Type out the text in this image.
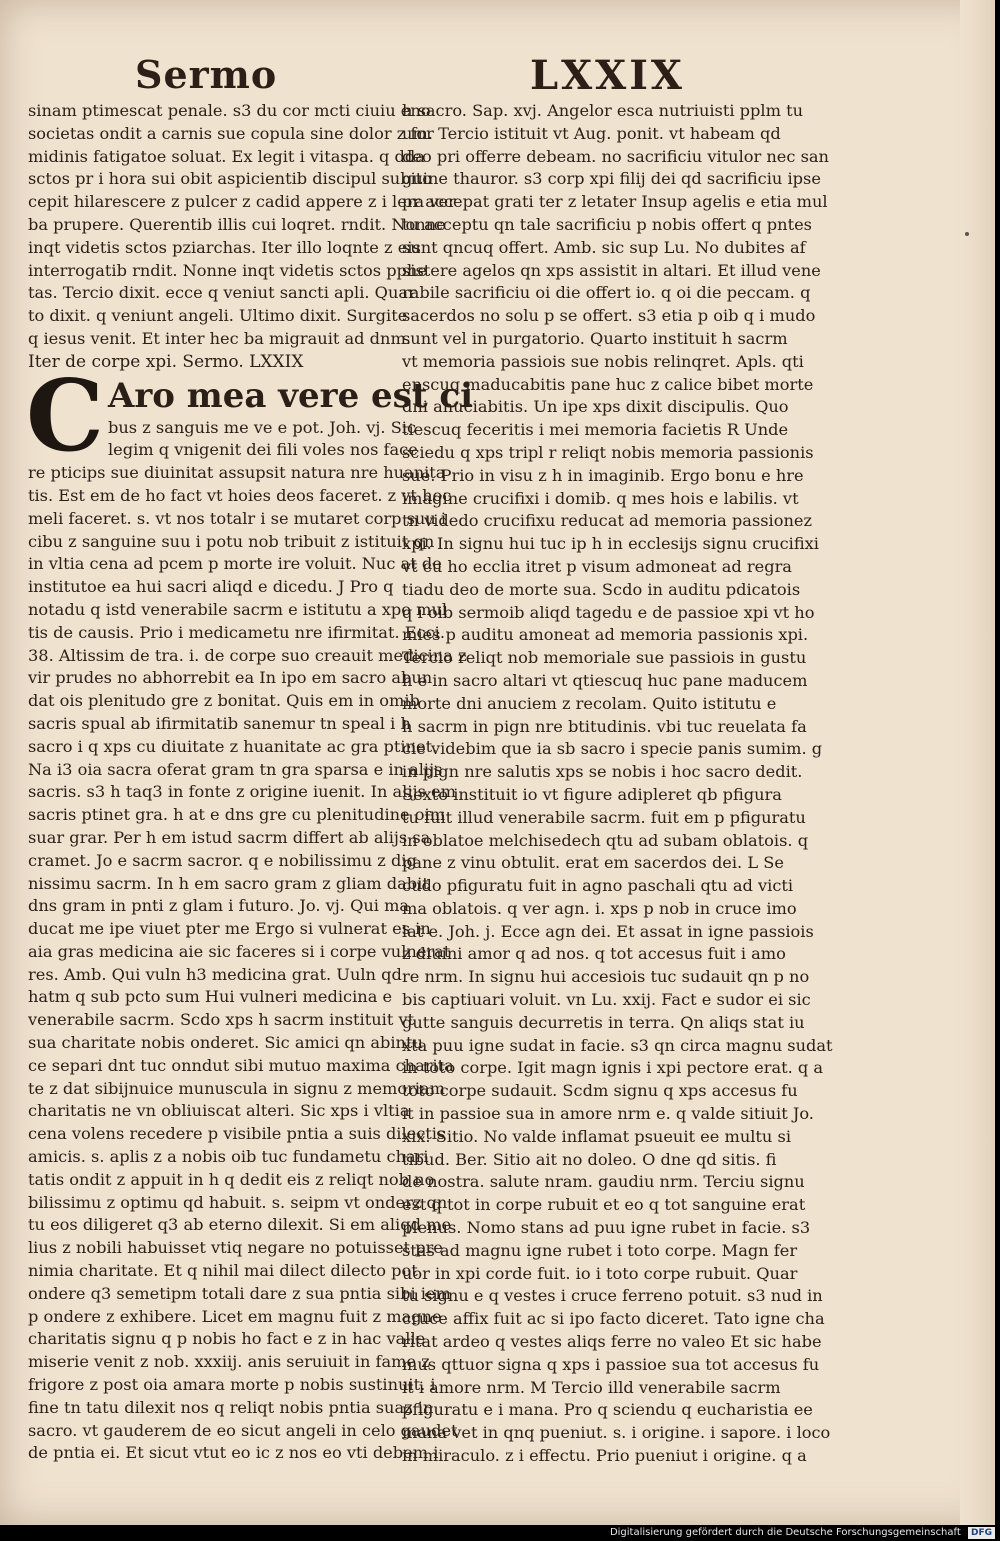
Sermo	LXXIX
sinam ptimescat penale. s3 du cor mcti ciuiu eno
societas ondit a carnis sue copula sine dolor z for
midinis fatigatoe soluat. Ex legit i vitaspa. q dda
sctos pr i hora sui obit aspicientib discipul subito
cepit hilarescere z pulcer z cadid appere z i lera ver
ba prupere. Querentib illis cui loqret. rndit. Nonne
inqt videtis sctos pziarchas. Iter illo loqnte z eis
interrogatib rndit. Nonne inqt videtis sctos pphe
tas. Tercio dixit. ecce q veniut sancti apli. Quar
to dixit. q veniunt angeli. Ultimo dixit. Surgite
q iesus venit. Et inter hec ba migrauit ad dnm.
Iter de corpe xpi. Sermo. LXXIX
C Aro mea vere est ci
bus z sanguis me ve e pot. Joh. vj. Sic
legim q vnigenit dei fili voles nos face
re pticips sue diuinitat assupsit natura nre huanita
tis. Est em de ho fact vt hoies deos faceret. z vt hoc
meli faceret. s. vt nos totalr i se mutaret corp suu i
cibu z sanguine suu i potu nob tribuit z istituit qn
in vltia cena ad pcem p morte ire voluit. Nuc at de
institutoe ea hui sacri aliqd e dicedu. J Pro q
notadu q istd venerabile sacrm e istitutu a xpo mul
tis de causis. Prio i medicametu nre ifirmitat. Ecci.
38. Altissim de tra. i. de corpe suo creauit medicina z
vir prudes no abhorrebit ea In ipo em sacro abun
dat ois plenitudo gre z bonitat. Quis em in omib
sacris spual ab ifirmitatib sanemur tn speal i h
sacro i q xps cu diuitate z huanitate ac gra ptinet.
Na i3 oia sacra oferat gram tn gra sparsa e in alijs
sacris. s3 h taq3 in fonte z origine iuenit. In alijs em
sacris ptinet gra. h at e dns gre cu plenitudine oim
suar grar. Per h em istud sacrm differt ab alijs sa
cramet. Jo e sacrm sacror. q e nobilissimu z dig
nissimu sacrm. In h em sacro gram z gliam dabit
dns gram in pnti z glam i futuro. Jo. vj. Qui ma
ducat me ipe viuet pter me Ergo si vulnerat es in
aia gras medicina aie sic faceres si i corpe vulnerat
res. Amb. Qui vuln h3 medicina grat. Uuln qd
hatm q sub pcto sum Hui vulneri medicina e
venerabile sacrm. Scdo xps h sacrm instituit vt
sua charitate nobis onderet. Sic amici qn abintu
ce separi dnt tuc onndut sibi mutuo maxima charita
te z dat sibijnuice munuscula in signu z memoriam
charitatis ne vn obliuiscat alteri. Sic xps i vltia
cena volens recedere p visibile pntia a suis dilectis
amicis. s. aplis z a nobis oib tuc fundametu chari
tatis ondit z appuit in h q dedit eis z reliqt nob no
bilissimu z optimu qd habuit. s. seipm vt onderz qn
tu eos diligeret q3 ab eterno dilexit. Si em aliqd me
lius z nobili habuisset vtiq negare no potuisset pre
nimia charitate. Et q nihil mai dilect dilecto pot
ondere q3 semetipm totali dare z sua pntia sibi iem
p ondere z exhibere. Licet em magnu fuit z magne
charitatis signu q p nobis ho fact e z in hac valle
miserie venit z nob. xxxiij. anis seruiuit in fame z
frigore z post oia amara morte p nobis sustinuit. i
fine tn tatu dilexit nos q reliqt nobis pntia suaz in
sacro. vt gauderem de eo sicut angeli in celo gaudet
de pntia ei. Et sicut vtut eo ic z nos eo vti debem i
h sacro. Sap. xvj. Angelor esca nutriuisti pplm tu
um. Tercio istituit vt Aug. ponit. vt habeam qd
deo pri offerre debeam. no sacrificiu vitulor nec san
guine thauror. s3 corp xpi filij dei qd sacrificiu ipse
pr accepat grati ter z letater Insup agelis e etia mul
tu acceptu qn tale sacrificiu p nobis offert q pntes
sunt qncuq offert. Amb. sic sup Lu. No dubites af
sistere agelos qn xps assistit in altari. Et illud vene
rabile sacrificiu oi die offert io. q oi die peccam. q
sacerdos no solu p se offert. s3 etia p oib q i mudo
sunt vel in purgatorio. Quarto instituit h sacrm
vt memoria passiois sue nobis relinqret. Apls. qti
enscuq maducabitis pane huc z calice bibet morte
dni anuciabitis. Un ipe xps dixit discipulis. Quo
tiescuq feceritis i mei memoria facietis R Unde
sciedu q xps tripl r reliqt nobis memoria passionis
sue. Prio in visu z h in imaginib. Ergo bonu e hre
imagine crucifixi i domib. q mes hois e labilis. vt
tn videdo crucifixu reducat ad memoria passionez
xpi. In signu hui tuc ip h in ecclesijs signu crucifixi
vt cu ho ecclia itret p visum admoneat ad regra
tiadu deo de morte sua. Scdo in auditu pdicatois
q i oib sermoib aliqd tagedu e de passioe xpi vt ho
mies p auditu amoneat ad memoria passionis xpi.
Tercio reliqt nob memoriale sue passiois in gustu
h e in sacro altari vt qtiescuq huc pane maducem
morte dni anuciem z recolam. Quito istitutu e
h sacrm in pign nre btitudinis. vbi tuc reuelata fa
cie videbim que ia sb sacro i specie panis sumim. g
in pign nre salutis xps se nobis i hoc sacro dedit.
Sexto instituit io vt figure adipleret qb pfigura
tu fuit illud venerabile sacrm. fuit em p pfiguratu
in oblatoe melchisedech qtu ad subam oblatois. q
pane z vinu obtulit. erat em sacerdos dei. L Se
cudo pfiguratu fuit in agno paschali qtu ad victi
ma oblatois. q ver agn. i. xps p nob in cruce imo
lat e. Joh. j. Ecce agn dei. Et assat in igne passiois
z diuini amor q ad nos. q tot accesus fuit i amo
re nrm. In signu hui accesiois tuc sudauit qn p no
bis captiuari voluit. vn Lu. xxij. Fact e sudor ei sic
gutte sanguis decurretis in terra. Qn aliqs stat iu
xta puu igne sudat in facie. s3 qn circa magnu sudat
in toto corpe. Igit magn ignis i xpi pectore erat. q a
toto corpe sudauit. Scdm signu q xps accesus fu
it in passioe sua in amore nrm e. q valde sitiuit Jo.
xix. Sitio. No valde inflamat psueuit ee multu si
tibud. Ber. Sitio ait no doleo. O dne qd sitis. fi
de nostra. salute nram. gaudiu nrm. Terciu signu
est q tot in corpe rubuit et eo q tot sanguine erat
plenus. Nomo stans ad puu igne rubet in facie. s3
stas ad magnu igne rubet i toto corpe. Magn fer
uor in xpi corde fuit. io i toto corpe rubuit. Quar
tu signu e q vestes i cruce ferreno potuit. s3 nud in
cruce affix fuit ac si ipo facto diceret. Tato igne cha
ritat ardeo q vestes aliqs ferre no valeo Et sic habe
mus qttuor signa q xps i passioe sua tot accesus fu
it i amore nrm. M Tercio illd venerabile sacrm
pfiguratu e i mana. Pro q sciendu q eucharistia ee
mana vet in qnq pueniut. s. i origine. i sapore. i loco
in miraculo. z i effectu. Prio pueniut i origine. q a
Digitalisierung gefördert durch die Deutsche Forschungsgemeinschaft DFG
